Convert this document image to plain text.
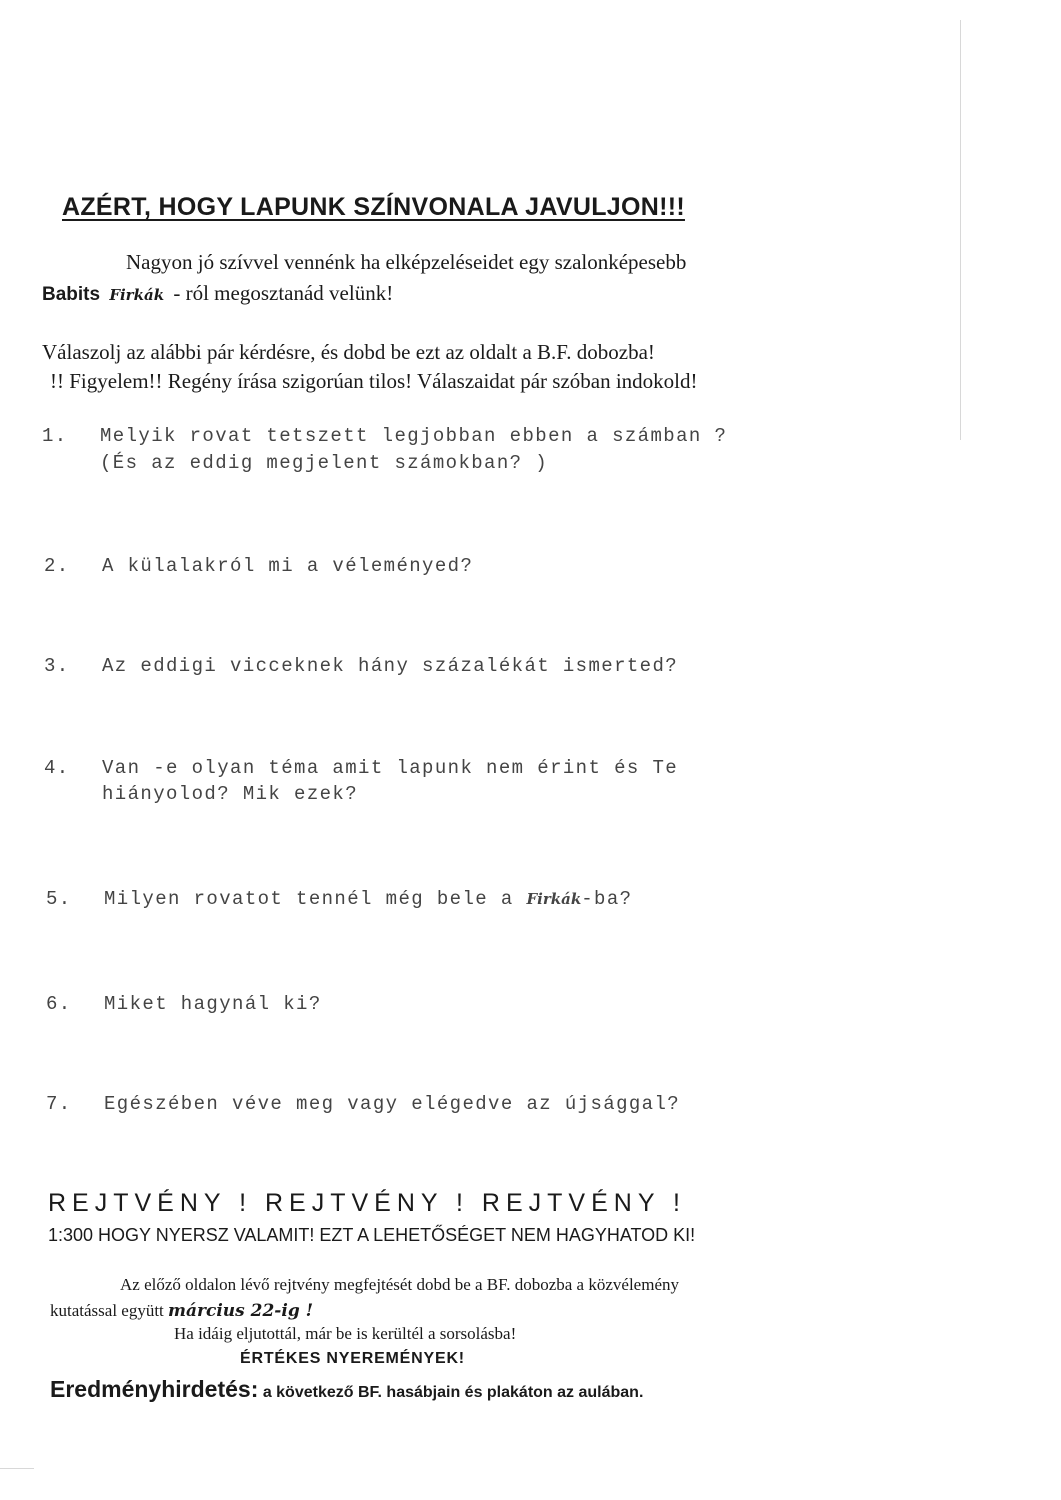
AZÉRT, HOGY LAPUNK SZÍNVONALA JAVULJON!!!
Nagyon jó szívvel vennénk ha elképzeléseidet egy szalonképesebb
Babits Firkák - ról megosztanád velünk!
Válaszolj az alábbi pár kérdésre, és dobd be ezt az oldalt a B.F. dobozba!
!! Figyelem!! Regény írása szigorúan tilos! Válaszaidat pár szóban indokold!
1. Melyik rovat tetszett legjobban ebben a számban ?
(És az eddig megjelent számokban? )
2. A külalakról mi a véleményed?
3. Az eddigi vicceknek hány százalékát ismerted?
4. Van -e olyan téma amit lapunk nem érint és Te
hiányolod? Mik ezek?
5. Milyen rovatot tennél még bele a Firkák-ba?
6. Miket hagynál ki?
7. Egészében véve meg vagy elégedve az újsággal?
REJTVÉNY ! REJTVÉNY ! REJTVÉNY !
1:300 HOGY NYERSZ VALAMIT! EZT A LEHETŐSÉGET NEM HAGYHATOD KI!
Az előző oldalon lévő rejtvény megfejtését dobd be a BF. dobozba a közvélemény
kutatással együtt március 22-ig !
Ha idáig eljutottál, már be is kerültél a sorsolásba!
ÉRTÉKES NYEREMÉNYEK!
Eredményhirdetés: a következő BF. hasábjain és plakáton az aulában.
